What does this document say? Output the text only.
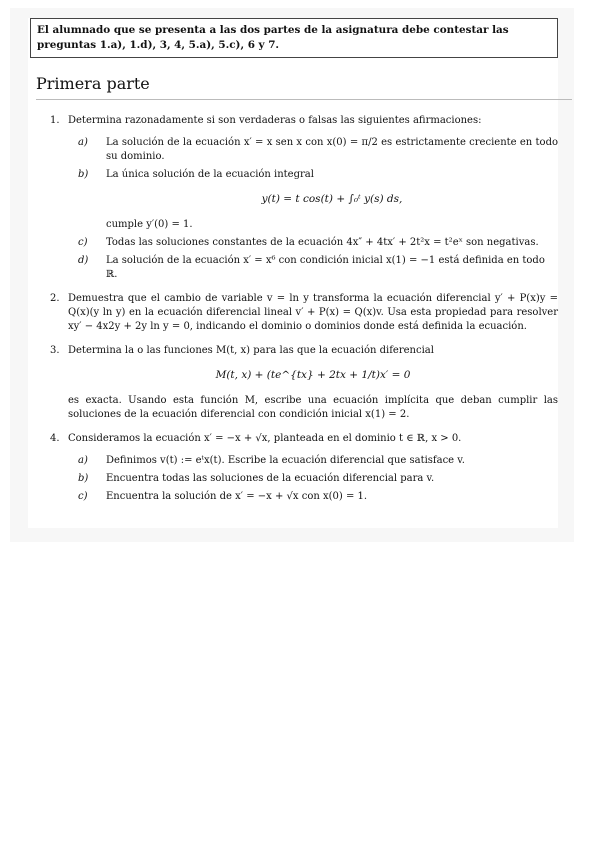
El alumnado que se presenta a las dos partes de la asignatura debe contestar las preguntas 1.a), 1.d), 3, 4, 5.a), 5.c), 6 y 7.
Primera parte
1. Determina razonadamente si son verdaderas o falsas las siguientes afirmaciones:
a) La solución de la ecuación x′ = x sen x con x(0) = π/2 es estrictamente creciente en todo su dominio.
b) La única solución de la ecuación integral
y(t) = t cos(t) + ∫₀ᵗ y(s) ds,
cumple y′(0) = 1.
c) Todas las soluciones constantes de la ecuación 4x″ + 4tx′ + 2t²x = t²eˣ son negativas.
d) La solución de la ecuación x′ = x⁶ con condición inicial x(1) = −1 está definida en todo ℝ.
2. Demuestra que el cambio de variable v = ln y transforma la ecuación diferencial y′ + P(x)y = Q(x)(y ln y) en la ecuación diferencial lineal v′ + P(x) = Q(x)v. Usa esta propiedad para resolver xy′ − 4x2y + 2y ln y = 0, indicando el dominio o dominios donde está definida la ecuación.
3. Determina la o las funciones M(t, x) para las que la ecuación diferencial
M(t, x) + (te^{tx} + 2tx + 1/t)x′ = 0
es exacta. Usando esta función M, escribe una ecuación implícita que deban cumplir las soluciones de la ecuación diferencial con condición inicial x(1) = 2.
4. Consideramos la ecuación x′ = −x + √x, planteada en el dominio t ∈ ℝ, x > 0.
a) Definimos v(t) := eᵗx(t). Escribe la ecuación diferencial que satisface v.
b) Encuentra todas las soluciones de la ecuación diferencial para v.
c) Encuentra la solución de x′ = −x + √x con x(0) = 1.
